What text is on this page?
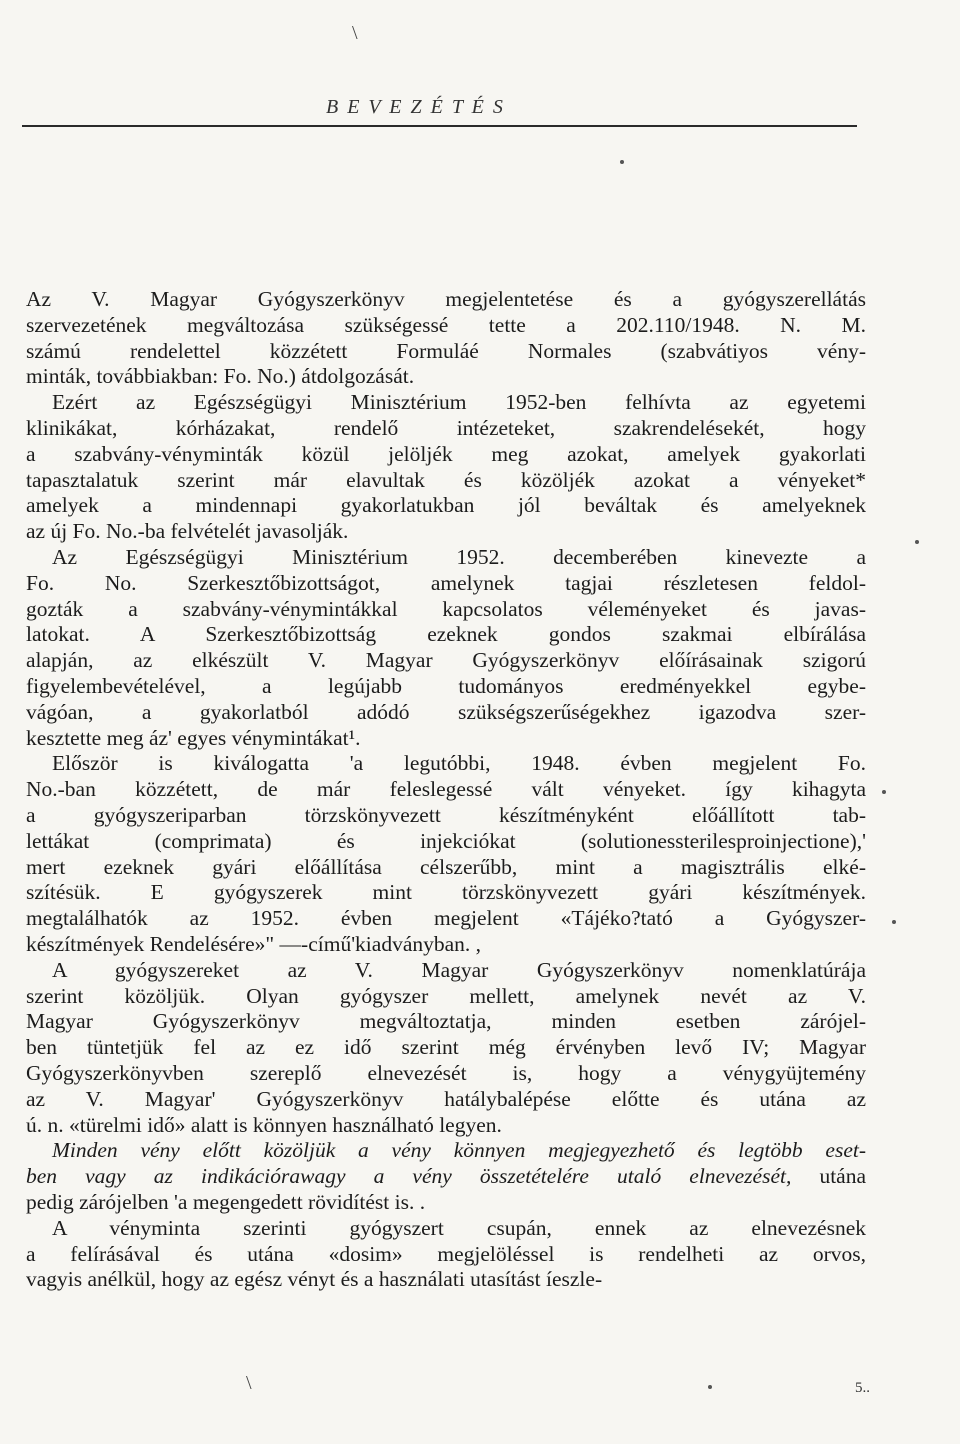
B E V E Z É T É S
Az V. Magyar Gyógyszerkönyv megjelentetése és a gyógyszerellátás
szervezetének megváltozása szükségessé tette a 202.110/1948. N. M.
számú rendelettel közzétett Formuláé Normales (szabvátiyos vény-
minták, továbbiakban: Fo. No.) átdolgozását.
Ezért az Egészségügyi Minisztérium 1952-ben felhívta az egyetemi
klinikákat, kórházakat, rendelő intézeteket, szakrendelésekét, hogy
a szabvány-vényminták közül jelöljék meg azokat, amelyek gyakorlati
tapasztalatuk szerint már elavultak és közöljék azokat a vényeket*
amelyek a mindennapi gyakorlatukban jól beváltak és amelyeknek
az új Fo. No.-ba felvételét javasolják.
Az Egészségügyi Minisztérium 1952. decemberében kinevezte a
Fo. No. Szerkesztőbizottságot, amelynek tagjai részletesen feldol-
gozták a szabvány-vénymintákkal kapcsolatos véleményeket és javas-
latokat. A Szerkesztőbizottság ezeknek gondos szakmai elbírálása
alapján, az elkészült V. Magyar Gyógyszerkönyv előírásainak szigorú
figyelembevételével, a legújabb tudományos eredményekkel egybe-
vágóan, a gyakorlatból adódó szükségszerűségekhez igazodva szer-
kesztette meg áz' egyes vénymintákat¹.
Először is kiválogatta 'a legutóbbi, 1948. évben megjelent Fo.
No.-ban közzétett, de már feleslegessé vált vényeket. így kihagyta
a gyógyszeriparban törzskönyvezett készítményként előállított tab-
lettákat (comprimata) és injekciókat (solutionessterilesproinjectione),'
mert ezeknek gyári előállítása célszerűbb, mint a magisztrális elké-
szítésük. E gyógyszerek mint törzskönyvezett gyári készítmények.
megtalálhatók az 1952. évben megjelent «Tájéko?tató a Gyógyszer-
készítmények Rendelésére»" —-című'kiadványban. ,
A gyógyszereket az V. Magyar Gyógyszerkönyv nomenklatúrája
szerint közöljük. Olyan gyógyszer mellett, amelynek nevét az V.
Magyar Gyógyszerkönyv megváltoztatja, minden esetben zárójel-
ben tüntetjük fel az ez idő szerint még érvényben levő IV; Magyar
Gyógyszerkönyvben szereplő elnevezését is, hogy a vénygyüjtemény
az V. Magyar' Gyógyszerkönyv hatálybalépése előtte és utána az
ú. n. «türelmi idő» alatt is könnyen használható legyen.
Minden vény előtt közöljük a vény könnyen megjegyezhető és legtöbb eset-
ben vagy az indikációrawagy a vény összetételére utaló elnevezését, utána
pedig zárójelben 'a megengedett rövidítést is. .
A vényminta szerinti gyógyszert csupán, ennek az elnevezésnek
a felírásával és utána «dosim» megjelöléssel is rendelheti az orvos,
vagyis anélkül, hogy az egész vényt és a használati utasítást íeszle-
5..
\
\
